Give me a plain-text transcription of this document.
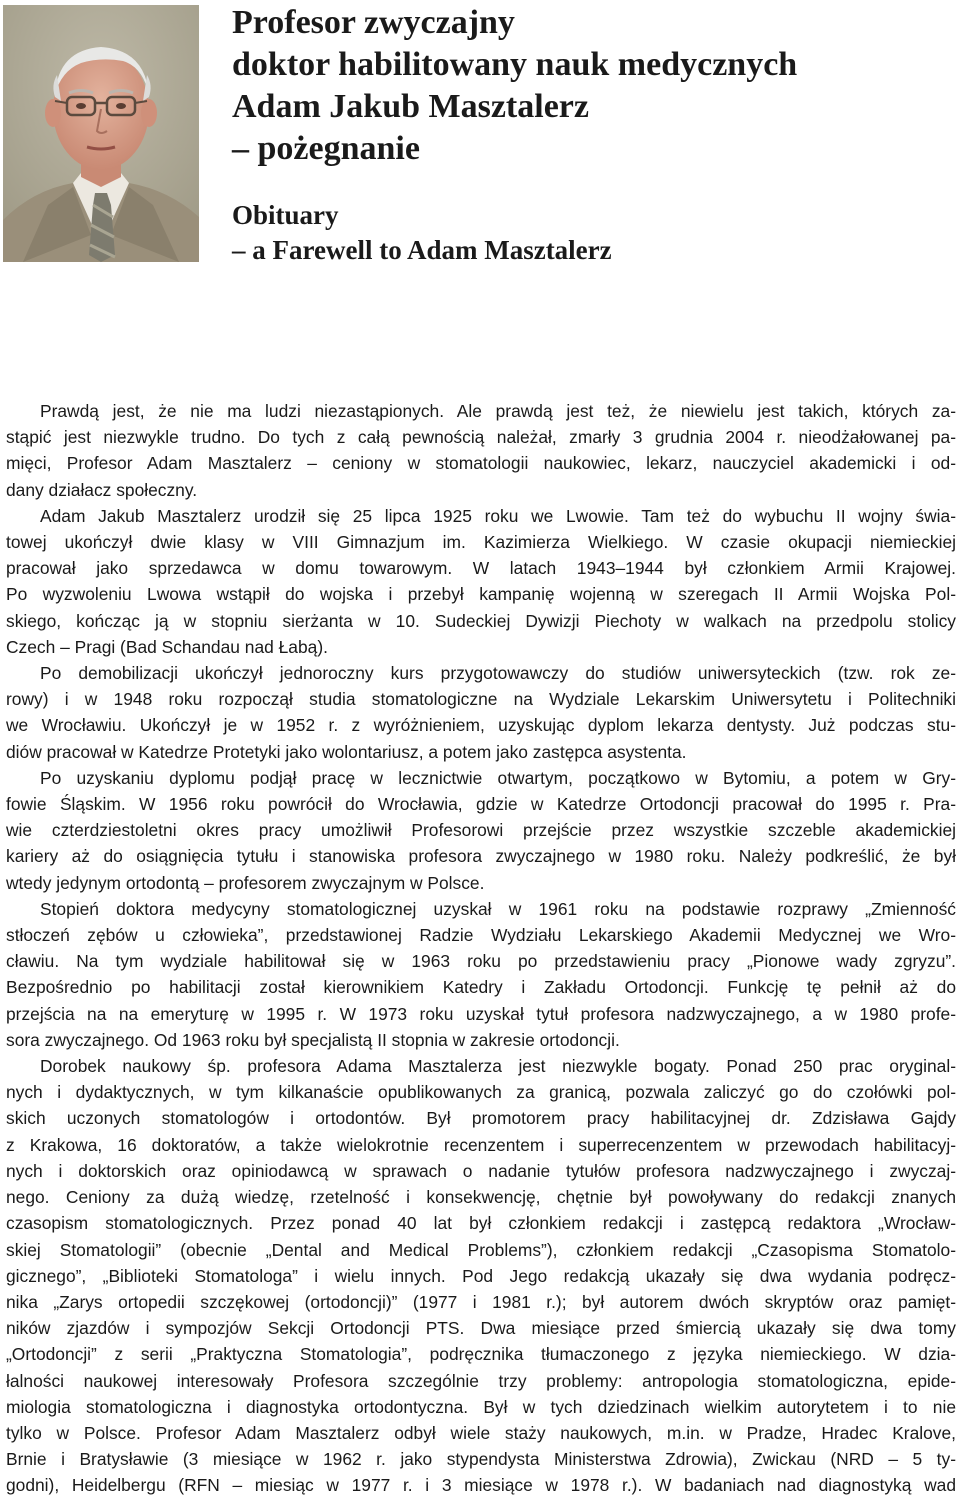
Profesor zwyczajny
doktor habilitowany nauk medycznych
Adam Jakub Masztalerz
– pożegnanie
Obituary
– a Farewell to Adam Masztalerz
Prawdą jest, że nie ma ludzi niezastąpionych. Ale prawdą jest też, że niewielu jest takich, których za-
stąpić jest niezwykle trudno. Do tych z całą pewnością należał, zmarły 3 grudnia 2004 r. nieodżałowanej pa-
mięci, Profesor Adam Masztalerz – ceniony w stomatologii naukowiec, lekarz, nauczyciel akademicki i od-
dany działacz społeczny.
Adam Jakub Masztalerz urodził się 25 lipca 1925 roku we Lwowie. Tam też do wybuchu II wojny świa-
towej ukończył dwie klasy w VIII Gimnazjum im. Kazimierza Wielkiego. W czasie okupacji niemieckiej
pracował jako sprzedawca w domu towarowym. W latach 1943–1944 był członkiem Armii Krajowej.
Po wyzwoleniu Lwowa wstąpił do wojska i przebył kampanię wojenną w szeregach II Armii Wojska Pol-
skiego, kończąc ją w stopniu sierżanta w 10. Sudeckiej Dywizji Piechoty w walkach na przedpolu stolicy
Czech – Pragi (Bad Schandau nad Łabą).
Po demobilizacji ukończył jednoroczny kurs przygotowawczy do studiów uniwersyteckich (tzw. rok ze-
rowy) i w 1948 roku rozpoczął studia stomatologiczne na Wydziale Lekarskim Uniwersytetu i Politechniki
we Wrocławiu. Ukończył je w 1952 r. z wyróżnieniem, uzyskując dyplom lekarza dentysty. Już podczas stu-
diów pracował w Katedrze Protetyki jako wolontariusz, a potem jako zastępca asystenta.
Po uzyskaniu dyplomu podjął pracę w lecznictwie otwartym, początkowo w Bytomiu, a potem w Gry-
fowie Śląskim. W 1956 roku powrócił do Wrocławia, gdzie w Katedrze Ortodoncji pracował do 1995 r. Pra-
wie czterdziestoletni okres pracy umożliwił Profesorowi przejście przez wszystkie szczeble akademickiej
kariery aż do osiągnięcia tytułu i stanowiska profesora zwyczajnego w 1980 roku. Należy podkreślić, że był
wtedy jedynym ortodontą – profesorem zwyczajnym w Polsce.
Stopień doktora medycyny stomatologicznej uzyskał w 1961 roku na podstawie rozprawy „Zmienność
stłoczeń zębów u człowieka”, przedstawionej Radzie Wydziału Lekarskiego Akademii Medycznej we Wro-
cławiu. Na tym wydziale habilitował się w 1963 roku po przedstawieniu pracy „Pionowe wady zgryzu”.
Bezpośrednio po habilitacji został kierownikiem Katedry i Zakładu Ortodoncji. Funkcję tę pełnił aż do
przejścia na na emeryturę w 1995 r. W 1973 roku uzyskał tytuł profesora nadzwyczajnego, a w 1980 profe-
sora zwyczajnego. Od 1963 roku był specjalistą II stopnia w zakresie ortodoncji.
Dorobek naukowy śp. profesora Adama Masztalerza jest niezwykle bogaty. Ponad 250 prac oryginal-
nych i dydaktycznych, w tym kilkanaście opublikowanych za granicą, pozwala zaliczyć go do czołówki pol-
skich uczonych stomatologów i ortodontów. Był promotorem pracy habilitacyjnej dr. Zdzisława Gajdy
z Krakowa, 16 doktoratów, a także wielokrotnie recenzentem i superrecenzentem w przewodach habilitacyj-
nych i doktorskich oraz opiniodawcą w sprawach o nadanie tytułów profesora nadzwyczajnego i zwyczaj-
nego. Ceniony za dużą wiedzę, rzetelność i konsekwencję, chętnie był powoływany do redakcji znanych
czasopism stomatologicznych. Przez ponad 40 lat był członkiem redakcji i zastępcą redaktora „Wrocław-
skiej Stomatologii” (obecnie „Dental and Medical Problems”), członkiem redakcji „Czasopisma Stomatolo-
gicznego”, „Biblioteki Stomatologa” i wielu innych. Pod Jego redakcją ukazały się dwa wydania podręcz-
nika „Zarys ortopedii szczękowej (ortodoncji)” (1977 i 1981 r.); był autorem dwóch skryptów oraz pamięt-
ników zjazdów i sympozjów Sekcji Ortodoncji PTS. Dwa miesiące przed śmiercią ukazały się dwa tomy
„Ortodoncji” z serii „Praktyczna Stomatologia”, podręcznika tłumaczonego z języka niemieckiego. W dzia-
łalności naukowej interesowały Profesora szczególnie trzy problemy: antropologia stomatologiczna, epide-
miologia stomatologiczna i diagnostyka ortodontyczna. Był w tych dziedzinach wielkim autorytetem i to nie
tylko w Polsce. Profesor Adam Masztalerz odbył wiele staży naukowych, m.in. w Pradze, Hradec Kralove,
Brnie i Bratysławie (3 miesiące w 1962 r. jako stypendysta Ministerstwa Zdrowia), Zwickau (NRD – 5 ty-
godni), Heidelbergu (RFN – miesiąc w 1977 r. i 3 miesiące w 1978 r.). W badaniach nad diagnostyką wad
